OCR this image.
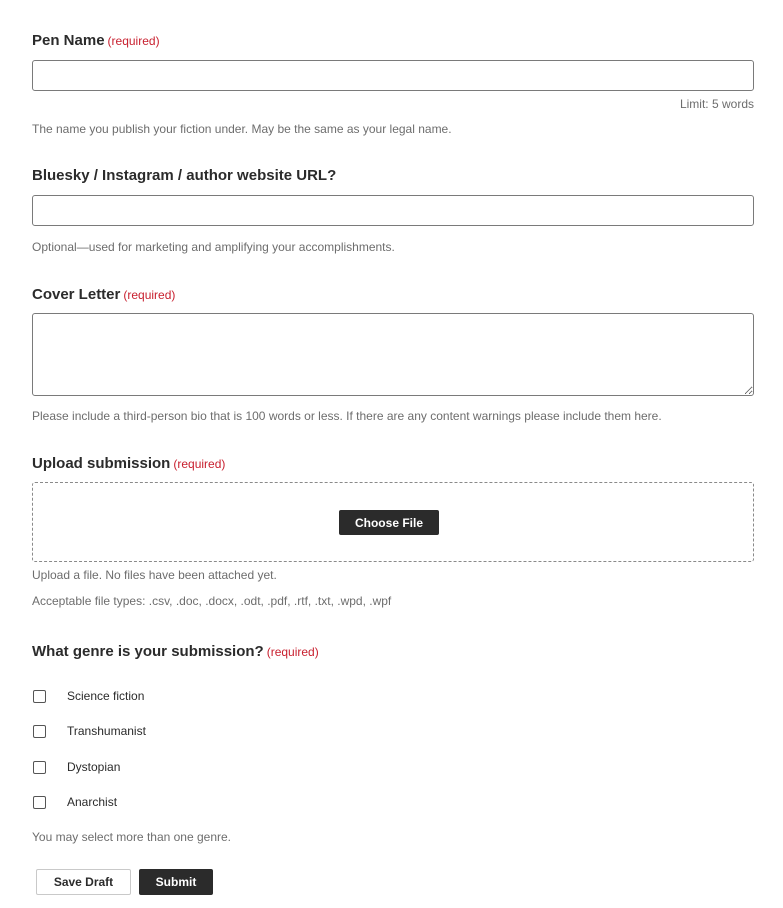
Pen Name (required)
Limit: 5 words
The name you publish your fiction under. May be the same as your legal name.
Bluesky / Instagram / author website URL?
Optional—used for marketing and amplifying your accomplishments.
Cover Letter (required)
Please include a third-person bio that is 100 words or less. If there are any content warnings please include them here.
Upload submission (required)
Choose File
Upload a file. No files have been attached yet.
Acceptable file types: .csv, .doc, .docx, .odt, .pdf, .rtf, .txt, .wpd, .wpf
What genre is your submission? (required)
Science fiction
Transhumanist
Dystopian
Anarchist
You may select more than one genre.
Save Draft	Submit
